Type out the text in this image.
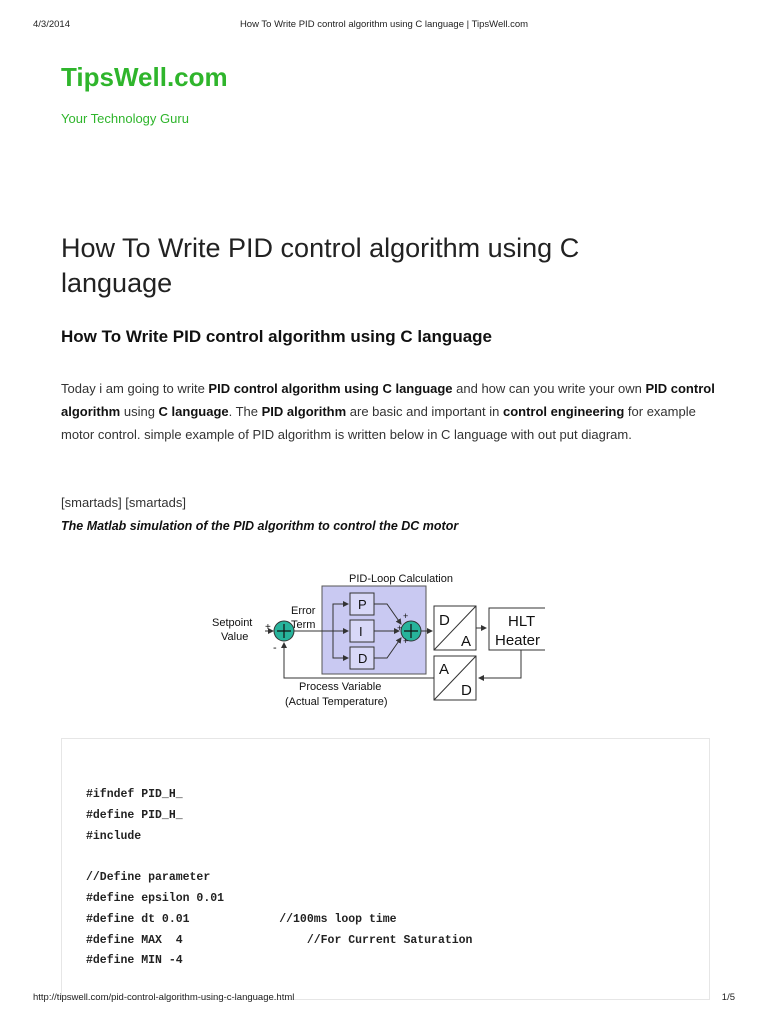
4/3/2014	How To Write PID control algorithm using C language | TipsWell.com
TipsWell.com
Your Technology Guru
How To Write PID control algorithm using C language
How To Write PID control algorithm using C language

Today i am going to write PID control algorithm using C language and how can you write your own PID control algorithm using C language. The PID algorithm are basic and important in control engineering for example motor control. simple example of PID algorithm is written below in C language with out put diagram.

[smartads] [smartads]
The Matlab simulation of the PID algorithm to control the DC motor
PID-Loop Calculation
P
I
D
Setpoint
Value
Error
Term
+
-
+
+
+
D
A
HLT
Heater
A
D
Process Variable
(Actual Temperature)
#ifndef PID_H_
#define PID_H_
#include
//Define parameter
#define epsilon 0.01
#define dt 0.01             //100ms loop time
#define MAX  4                  //For Current Saturation
#define MIN -4
http://tipswell.com/pid-control-algorithm-using-c-language.html	1/5
